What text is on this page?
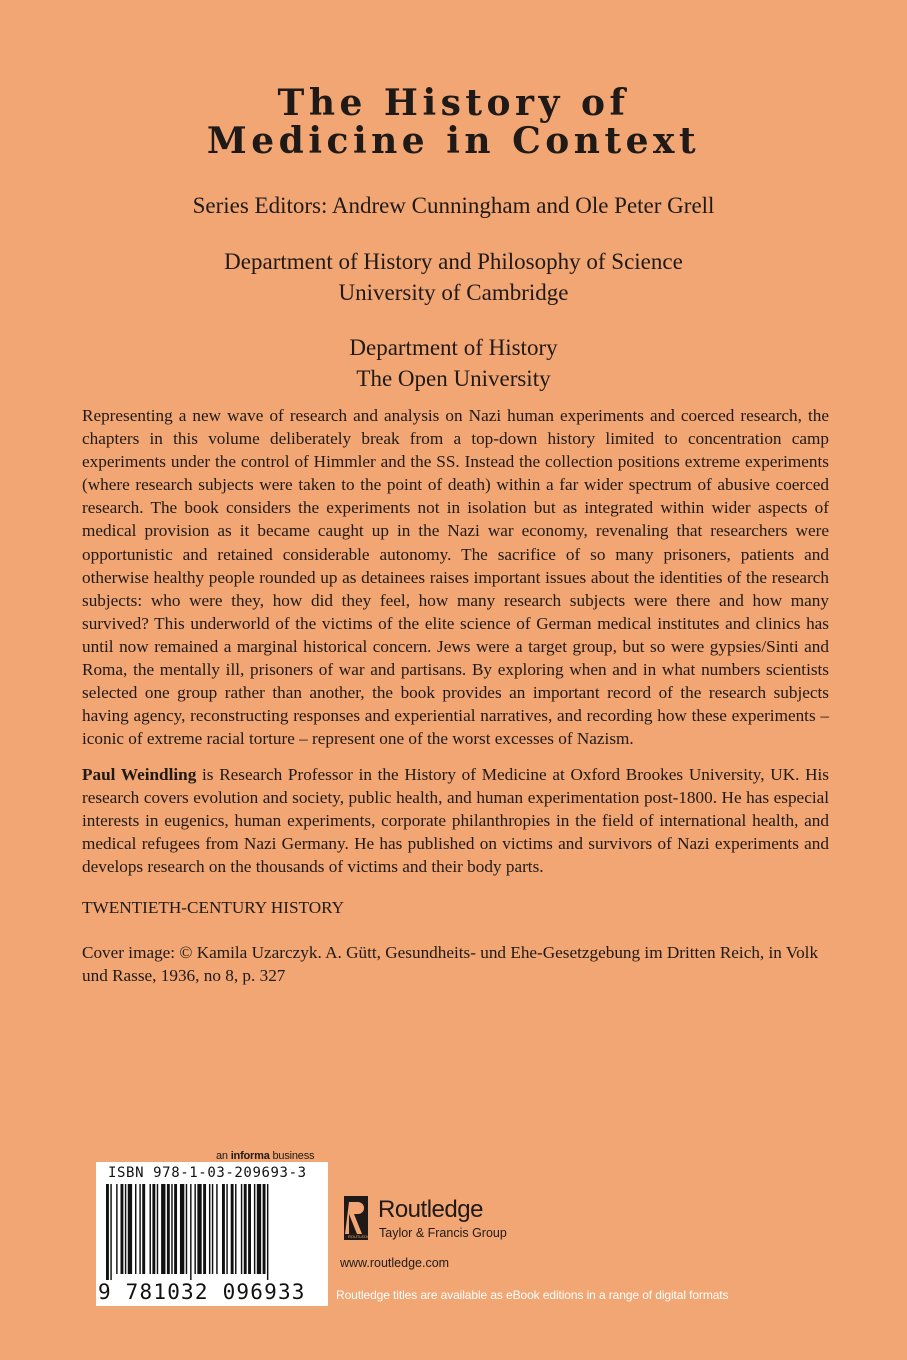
The History of
Medicine in Context
Series Editors: Andrew Cunningham and Ole Peter Grell
Department of History and Philosophy of Science
University of Cambridge
Department of History
The Open University

Representing a new wave of research and analysis on Nazi human experiments and coerced research, the chapters in this volume deliberately break from a top-down history limited to concentration camp experiments under the control of Himmler and the SS. Instead the collection positions extreme experiments (where research subjects were taken to the point of death) within a far wider spectrum of abusive coerced research. The book considers the experiments not in isolation but as integrated within wider aspects of medical provision as it became caught up in the Nazi war economy, revenaling that researchers were opportunistic and retained considerable autonomy. The sacrifice of so many prisoners, patients and otherwise healthy people rounded up as detainees raises important issues about the identities of the research subjects: who were they, how did they feel, how many research subjects were there and how many survived? This underworld of the victims of the elite science of German medical institutes and clinics has until now remained a marginal historical concern. Jews were a target group, but so were gypsies/Sinti and Roma, the mentally ill, prisoners of war and partisans. By exploring when and in what numbers scientists selected one group rather than another, the book provides an important record of the research subjects having agency, reconstructing responses and experiential narratives, and recording how these experiments – iconic of extreme racial torture – represent one of the worst excesses of Nazism.

Paul Weindling is Research Professor in the History of Medicine at Oxford Brookes University, UK. His research covers evolution and society, public health, and human experimentation post-1800. He has especial interests in eugenics, human experiments, corporate philanthropies in the field of international health, and medical refugees from Nazi Germany. He has published on victims and survivors of Nazi experiments and develops research on the thousands of victims and their body parts.

TWENTIETH-CENTURY HISTORY

Cover image: © Kamila Uzarczyk. A. Gütt, Gesundheits- und Ehe-Gesetzgebung im Dritten Reich, in Volk und Rasse, 1936, no 8, p. 327

an informa business
ISBN 978-1-03-209693-3
9 781032 096933
ROUTLEDGE
Routledge
Taylor & Francis Group
www.routledge.com
Routledge titles are available as eBook editions in a range of digital formats
